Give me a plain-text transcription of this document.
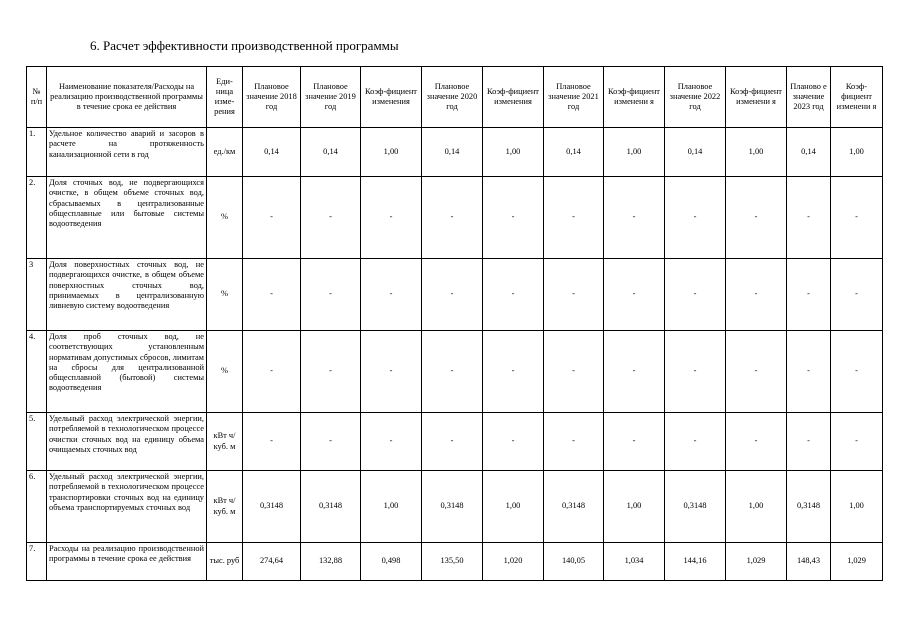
6. Расчет эффективности производственной программы
№ п/п	Наименование показателя/Расходы на реализацию производственной программы в течение срока ее действия	Еди-ница изме-рения	Плановое значение 2018 год	Плановое значение 2019 год	Коэф-фициент изменения	Плановое значение 2020 год	Коэф-фициент изменения	Плановое значение 2021 год	Коэф-фициент изменени я	Плановое значение 2022 год	Коэф-фициент изменени я	Планово е значение 2023 год	Коэф-фициент изменени я
1.	Удельное количество аварий и засоров в расчете на протяженность канализационной сети в год	ед./км	0,14	0,14	1,00	0,14	1,00	0,14	1,00	0,14	1,00	0,14	1,00
2.	Доля сточных вод, не подвергающихся очистке, в общем объеме сточных вод, сбрасываемых в централизованные общесплавные или бытовые системы водоотведения	%	-	-	-	-	-	-	-	-	-	-	-
3	Доля поверхностных сточных вод, не подвергающихся очистке, в общем объеме поверхностных сточных вод, принимаемых в централизованную ливневую систему водоотведения	%	-	-	-	-	-	-	-	-	-	-	-
4.	Доля проб сточных вод, не соответствующих установленным нормативам допустимых сбросов, лимитам на сбросы для централизованной общесплавной (бытовой) системы водоотведения	%	-	-	-	-	-	-	-	-	-	-	-
5.	Удельный расход электрической энергии, потребляемой в технологическом процессе очистки сточных вод на единицу объема очищаемых сточных вод	кВт ч/куб. м	-	-	-	-	-	-	-	-	-	-	-
6.	Удельный расход электрической энергии, потребляемой в технологическом процессе транспортировки сточных вод на единицу объема транспортируемых сточных вод	кВт ч/куб. м	0,3148	0,3148	1,00	0,3148	1,00	0,3148	1,00	0,3148	1,00	0,3148	1,00
7.	Расходы на реализацию производственной программы в течение срока ее действия	тыс. руб	274,64	132,88	0,498	135,50	1,020	140,05	1,034	144,16	1,029	148,43	1,029
